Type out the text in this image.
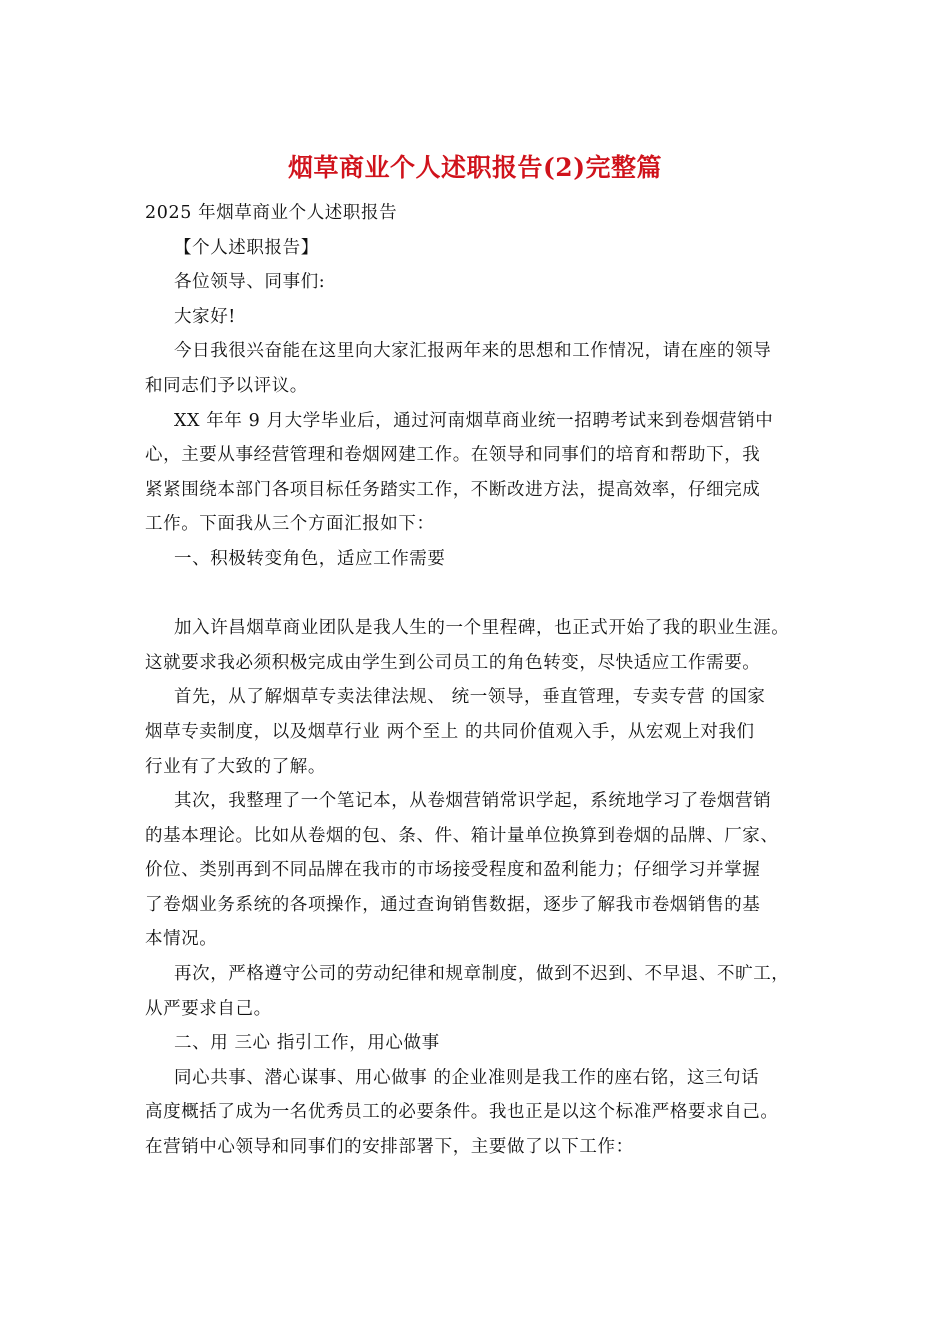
烟草商业个人述职报告(2)完整篇
2025 年烟草商业个人述职报告
【个人述职报告】
各位领导、同事们:
大家好!
今日我很兴奋能在这里向大家汇报两年来的思想和工作情况，请在座的领导
和同志们予以评议。
XX 年年 9 月大学毕业后，通过河南烟草商业统一招聘考试来到卷烟营销中
心，主要从事经营管理和卷烟网建工作。在领导和同事们的培育和帮助下，我
紧紧围绕本部门各项目标任务踏实工作，不断改进方法，提高效率，仔细完成
工作。下面我从三个方面汇报如下：
一、积极转变角色，适应工作需要
加入许昌烟草商业团队是我人生的一个里程碑，也正式开始了我的职业生涯。
这就要求我必须积极完成由学生到公司员工的角色转变，尽快适应工作需要。
首先，从了解烟草专卖法律法规、 统一领导，垂直管理，专卖专营 的国家
烟草专卖制度，以及烟草行业 两个至上 的共同价值观入手，从宏观上对我们
行业有了大致的了解。
其次，我整理了一个笔记本，从卷烟营销常识学起，系统地学习了卷烟营销
的基本理论。比如从卷烟的包、条、件、箱计量单位换算到卷烟的品牌、厂家、
价位、类别再到不同品牌在我市的市场接受程度和盈利能力；仔细学习并掌握
了卷烟业务系统的各项操作，通过查询销售数据，逐步了解我市卷烟销售的基
本情况。
再次，严格遵守公司的劳动纪律和规章制度，做到不迟到、不早退、不旷工，
从严要求自己。
二、用 三心 指引工作，用心做事
同心共事、潜心谋事、用心做事 的企业准则是我工作的座右铭，这三句话
高度概括了成为一名优秀员工的必要条件。我也正是以这个标准严格要求自己。
在营销中心领导和同事们的安排部署下，主要做了以下工作：
